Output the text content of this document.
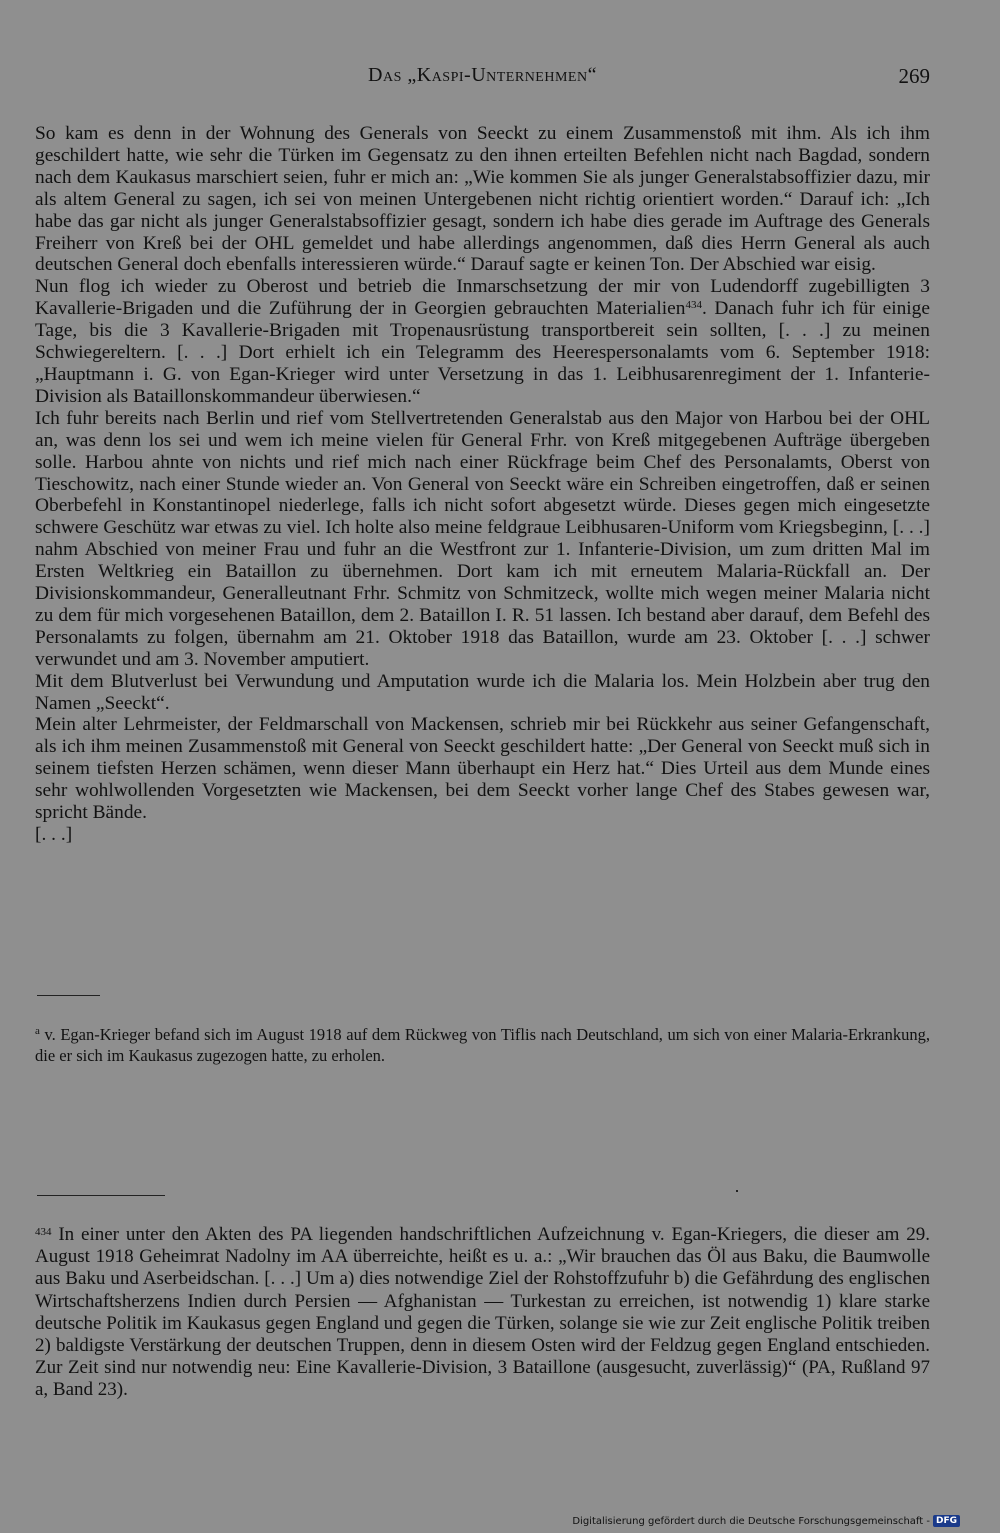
Das „Kaspi-Unternehmen“	269

So kam es denn in der Wohnung des Generals von Seeckt zu einem Zusammenstoß mit ihm. Als ich ihm geschildert hatte, wie sehr die Türken im Gegensatz zu den ihnen erteilten Befehlen nicht nach Bagdad, sondern nach dem Kaukasus marschiert seien, fuhr er mich an: „Wie kommen Sie als junger Generalstabsoffizier dazu, mir als altem General zu sagen, ich sei von meinen Untergebenen nicht richtig orientiert worden.“ Darauf ich: „Ich habe das gar nicht als junger Generalstabsoffizier gesagt, sondern ich habe dies gerade im Auftrage des Generals Freiherr von Kreß bei der OHL gemeldet und habe allerdings angenommen, daß dies Herrn General als auch deutschen General doch ebenfalls interessieren würde.“ Darauf sagte er keinen Ton. Der Abschied war eisig.

Nun flog ich wieder zu Oberost und betrieb die Inmarschsetzung der mir von Ludendorff zugebilligten 3 Kavallerie-Brigaden und die Zuführung der in Georgien gebrauchten Materialien$^{434}$. Danach fuhr ich für einige Tage, bis die 3 Kavallerie-Brigaden mit Tropenausrüstung transportbereit sein sollten, [. . .] zu meinen Schwiegereltern. [. . .] Dort erhielt ich ein Telegramm des Heerespersonalamts vom 6. September 1918: „Hauptmann i. G. von Egan-Krieger wird unter Versetzung in das 1. Leibhusarenregiment der 1. Infanterie-Division als Bataillonskommandeur überwiesen.“

Ich fuhr bereits nach Berlin und rief vom Stellvertretenden Generalstab aus den Major von Harbou bei der OHL an, was denn los sei und wem ich meine vielen für General Frhr. von Kreß mitgegebenen Aufträge übergeben solle. Harbou ahnte von nichts und rief mich nach einer Rückfrage beim Chef des Personalamts, Oberst von Tieschowitz, nach einer Stunde wieder an. Von General von Seeckt wäre ein Schreiben eingetroffen, daß er seinen Oberbefehl in Konstantinopel niederlege, falls ich nicht sofort abgesetzt würde. Dieses gegen mich eingesetzte schwere Geschütz war etwas zu viel. Ich holte also meine feldgraue Leibhusaren-Uniform vom Kriegsbeginn, [. . .] nahm Abschied von meiner Frau und fuhr an die Westfront zur 1. Infanterie-Division, um zum dritten Mal im Ersten Weltkrieg ein Bataillon zu übernehmen. Dort kam ich mit erneutem Malaria-Rückfall an. Der Divisionskommandeur, Generalleutnant Frhr. Schmitz von Schmitzeck, wollte mich wegen meiner Malaria nicht zu dem für mich vorgesehenen Bataillon, dem 2. Bataillon I. R. 51 lassen. Ich bestand aber darauf, dem Befehl des Personalamts zu folgen, übernahm am 21. Oktober 1918 das Bataillon, wurde am 23. Oktober [. . .] schwer verwundet und am 3. November amputiert.

Mit dem Blutverlust bei Verwundung und Amputation wurde ich die Malaria los. Mein Holzbein aber trug den Namen „Seeckt“.

Mein alter Lehrmeister, der Feldmarschall von Mackensen, schrieb mir bei Rückkehr aus seiner Gefangenschaft, als ich ihm meinen Zusammenstoß mit General von Seeckt geschildert hatte: „Der General von Seeckt muß sich in seinem tiefsten Herzen schämen, wenn dieser Mann überhaupt ein Herz hat.“ Dies Urteil aus dem Munde eines sehr wohlwollenden Vorgesetzten wie Mackensen, bei dem Seeckt vorher lange Chef des Stabes gewesen war, spricht Bände.

[. . .]

$^a$ v. Egan-Krieger befand sich im August 1918 auf dem Rückweg von Tiflis nach Deutschland, um sich von einer Malaria-Erkrankung, die er sich im Kaukasus zugezogen hatte, zu erholen.
$^{434}$ In einer unter den Akten des PA liegenden handschriftlichen Aufzeichnung v. Egan-Kriegers, die dieser am 29. August 1918 Geheimrat Nadolny im AA überreichte, heißt es u. a.: „Wir brauchen das Öl aus Baku, die Baumwolle aus Baku und Aserbeidschan. [. . .] Um a) dies notwendige Ziel der Rohstoffzufuhr b) die Gefährdung des englischen Wirtschaftsherzens Indien durch Persien — Afghanistan — Turkestan zu erreichen, ist notwendig 1) klare starke deutsche Politik im Kaukasus gegen England und gegen die Türken, solange sie wie zur Zeit englische Politik treiben 2) baldigste Verstärkung der deutschen Truppen, denn in diesem Osten wird der Feldzug gegen England entschieden. Zur Zeit sind nur notwendig neu: Eine Kavallerie-Division, 3 Bataillone (ausgesucht, zuverlässig)“ (PA, Rußland 97 a, Band 23).
Digitalisierung gefördert durch die Deutsche Forschungsgemeinschaft - DFG
